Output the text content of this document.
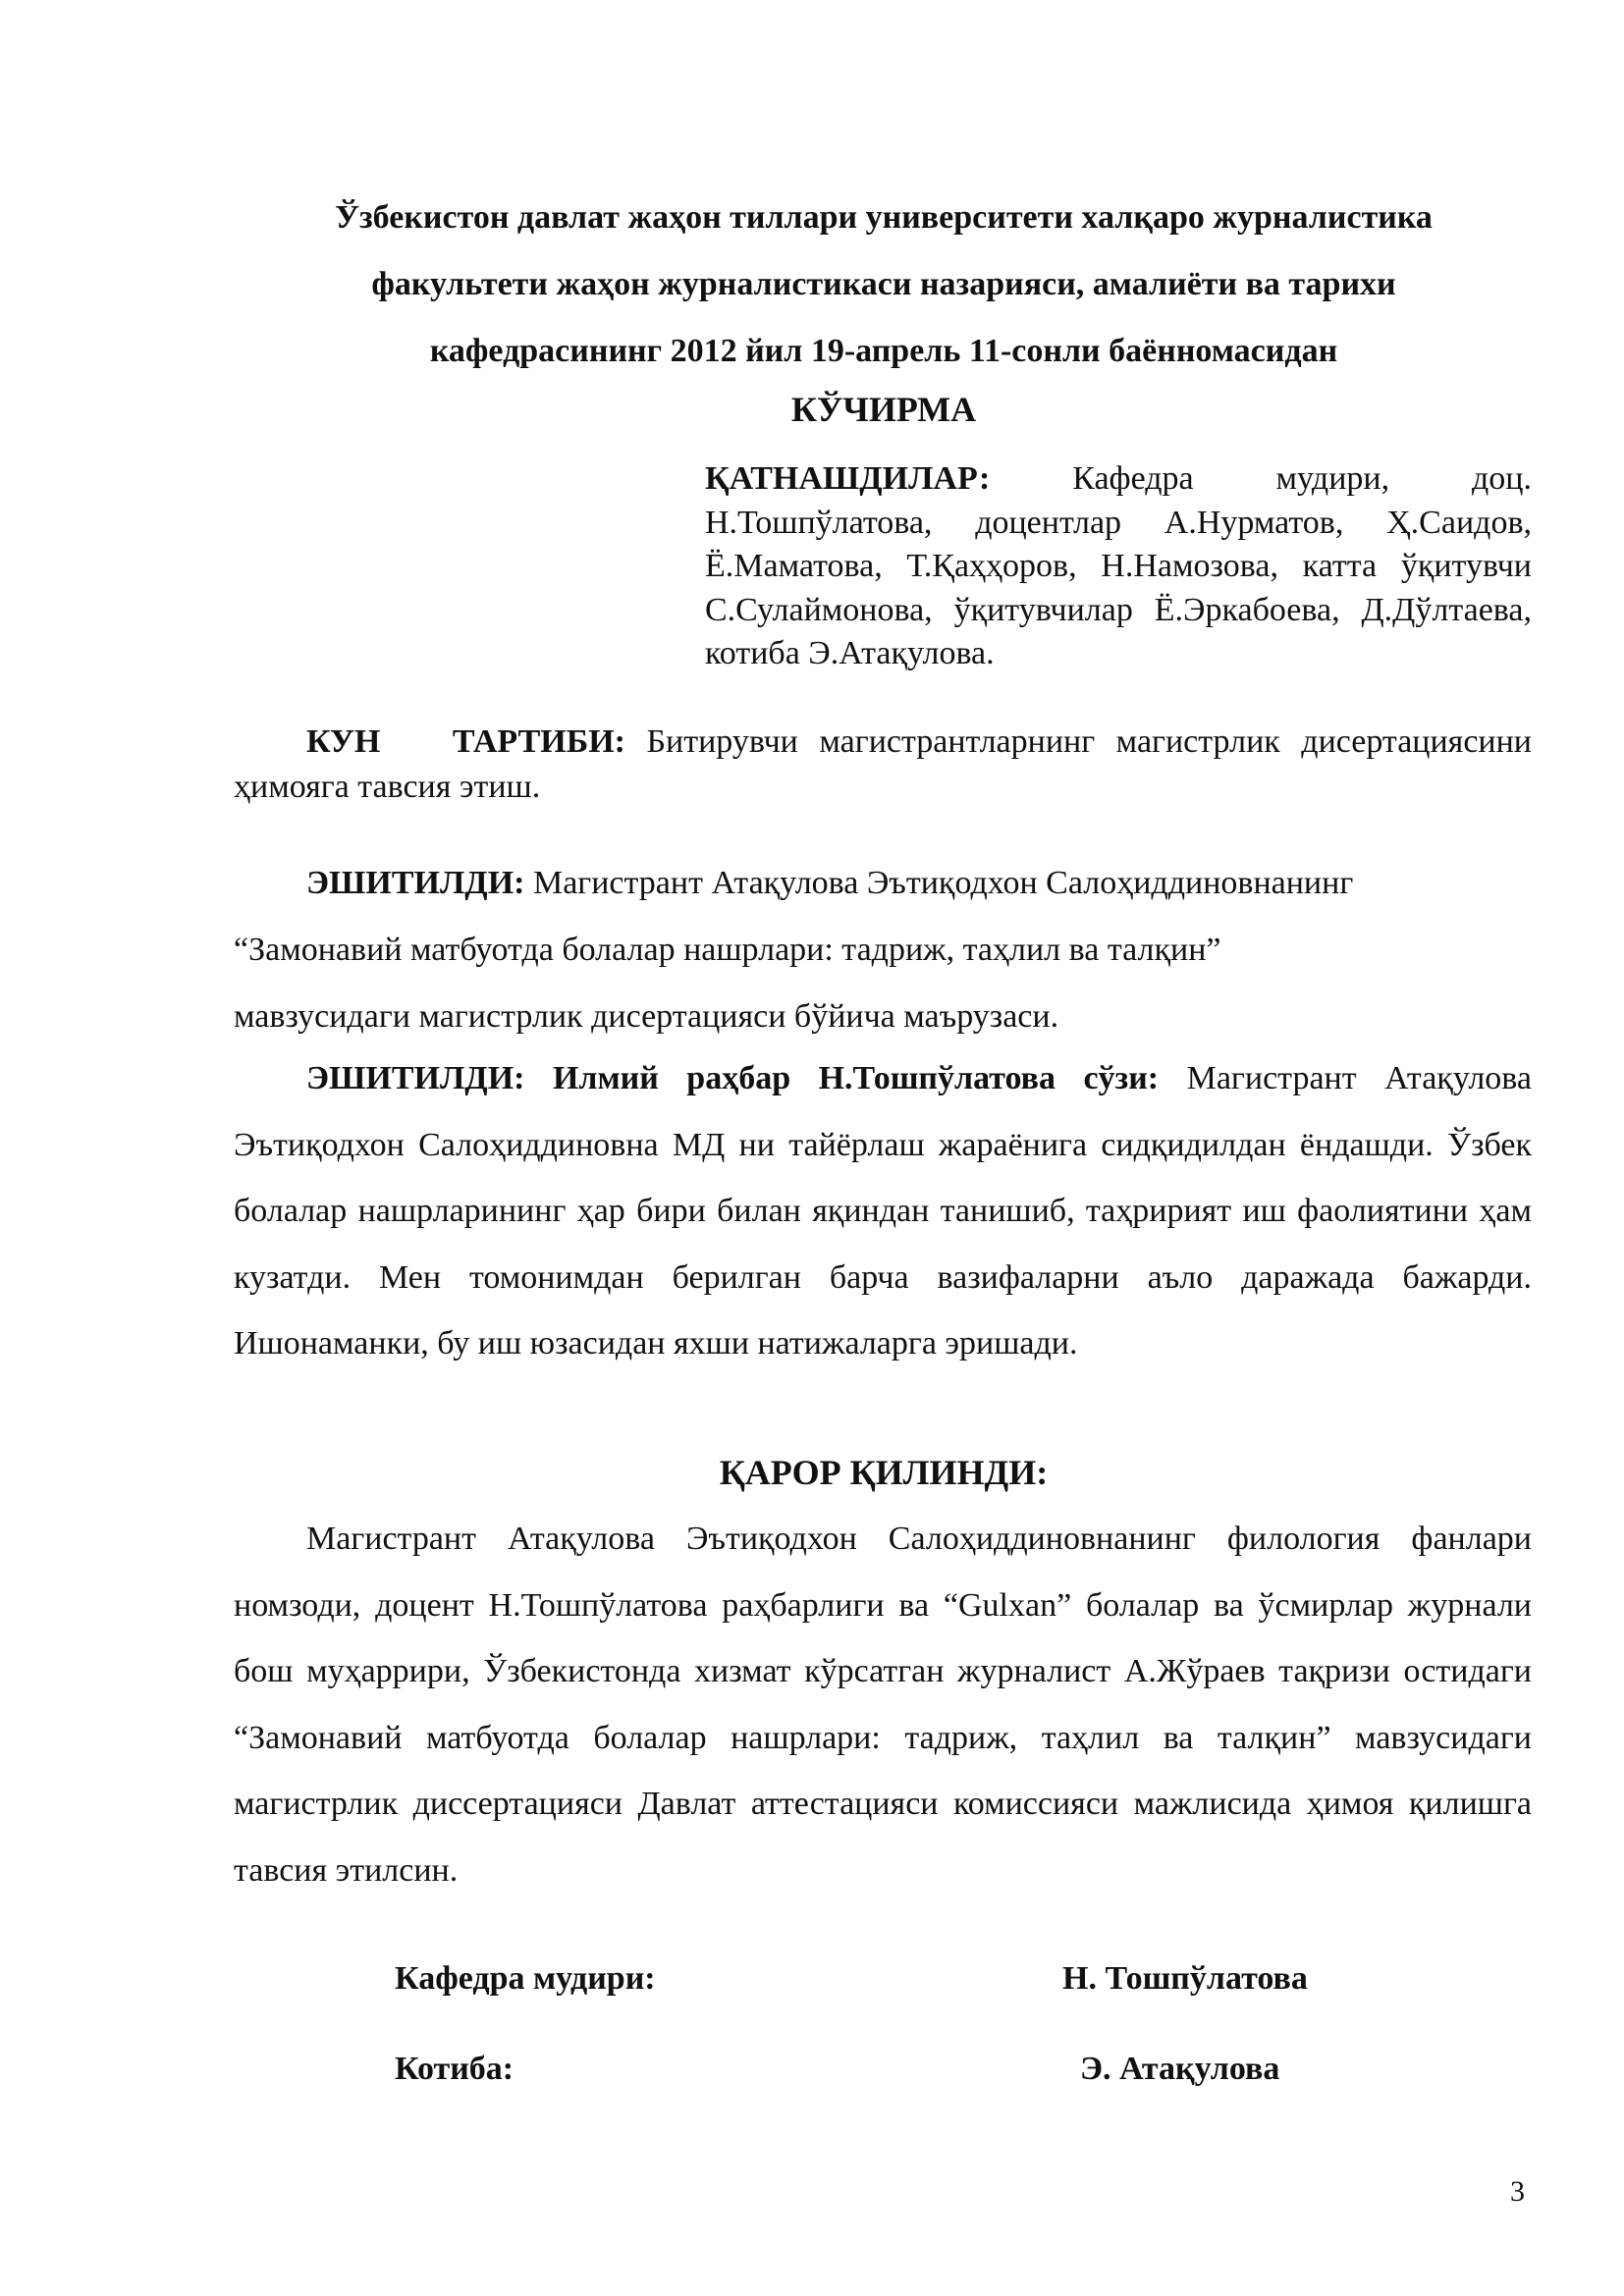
Ўзбекистон давлат жаҳон тиллари университети халқаро журналистика
факультети жаҳон журналистикаси назарияси, амалиёти ва тарихи
кафедрасининг 2012 йил 19-апрель 11-сонли баённомасидан
КЎЧИРМА
ҚАТНАШДИЛАР: Кафедра мудири, доц. Н.Тошпўлатова, доцентлар А.Нурматов, Ҳ.Саидов, Ё.Маматова, Т.Қаҳҳоров, Н.Намозова, катта ўқитувчи С.Сулаймонова, ўқитувчилар Ё.Эркабоева, Д.Дўлтаева, котиба Э.Атақулова.
КУН ТАРТИБИ: Битирувчи магистрантларнинг магистрлик дисертациясини ҳимояга тавсия этиш.
ЭШИТИЛДИ: Магистрант Атақулова Эътиқодхон Салоҳиддиновнанинг
“Замонавий матбуотда болалар нашрлари: тадриж, таҳлил ва талқин”
мавзусидаги магистрлик дисертацияси бўйича маърузаси.
ЭШИТИЛДИ: Илмий раҳбар Н.Тошпўлатова сўзи: Магистрант Атақулова Эътиқодхон Салоҳиддиновна МД ни тайёрлаш жараёнига сидқидилдан ёндашди. Ўзбек болалар нашрларининг ҳар бири билан яқиндан танишиб, таҳририят иш фаолиятини ҳам кузатди. Мен томонимдан берилган барча вазифаларни аъло даражада бажарди. Ишонаманки, бу иш юзасидан яхши натижаларга эришади.
ҚАРОР ҚИЛИНДИ:
Магистрант Атақулова Эътиқодхон Салоҳиддиновнанинг филология фанлари номзоди, доцент Н.Тошпўлатова раҳбарлиги ва “Gulxan” болалар ва ўсмирлар журнали бош муҳаррири, Ўзбекистонда хизмат кўрсатган журналист А.Жўраев тақризи остидаги “Замонавий матбуотда болалар нашрлари: тадриж, таҳлил ва талқин” мавзусидаги магистрлик диссертацияси Давлат аттестацияси комиссияси мажлисида ҳимоя қилишга тавсия этилсин.
Кафедра мудири:	Н. Тошпўлатова
Котиба:	Э. Атақулова
3
